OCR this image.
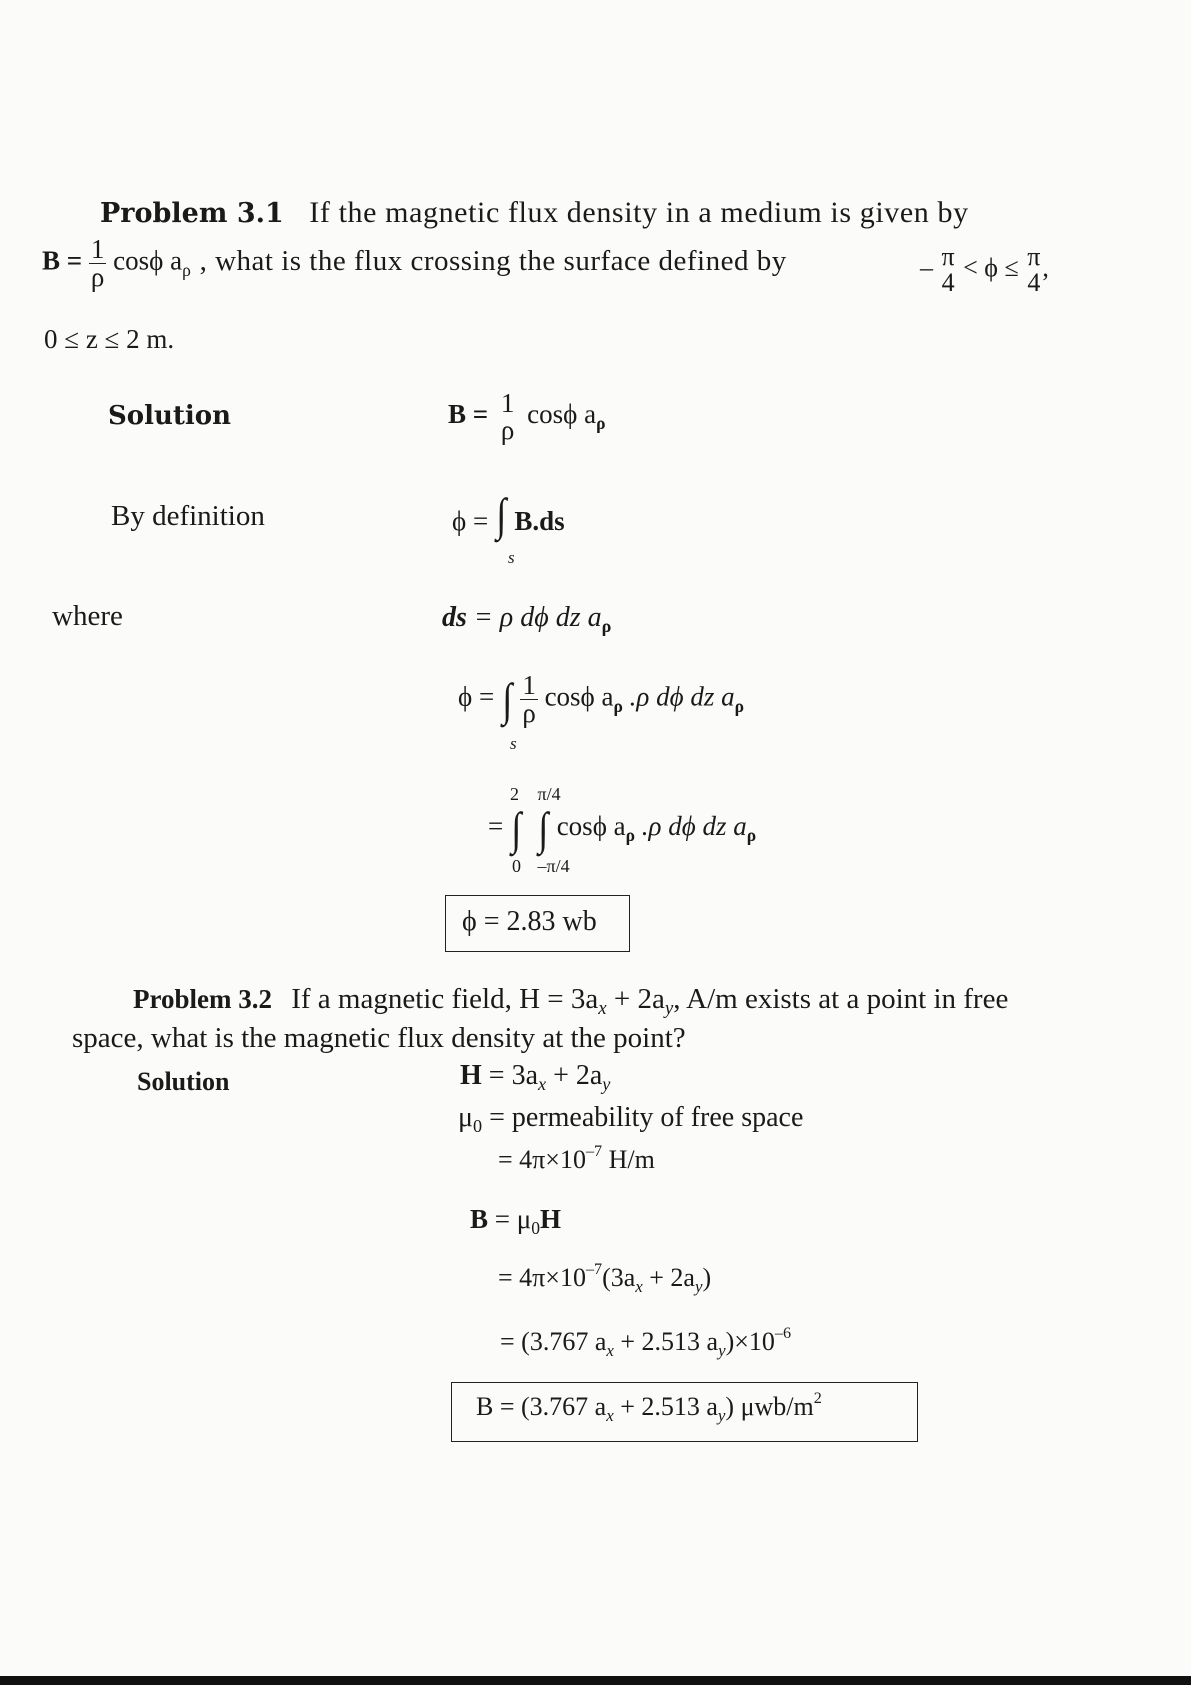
Problem 3.1 If the magnetic flux density in a medium is given by
$B = \frac{1}{\rho}$ cosϕ $a_\rho$ , what is the flux crossing the surface defined by	– π
4
< ϕ ≤ π
4
,
0 ≤ z ≤ 2 m.
Solution	B = 1
ρ
cosϕ $a_\rho$
By definition	ϕ = ∫ B.ds
s
where	ds = ρ dϕ dz $a_\rho$
ϕ = ∫ $\frac{1}{\rho}$ cosϕ $a_\rho$ .ρ dϕ dz $a_\rho$
s
2 π/4
= ∫ ∫ cosϕ $a_\rho$ .ρ dϕ dz $a_\rho$
0 –π/4
ϕ = 2.83 wb
Problem 3.2 If a magnetic field, $H = 3a_x + 2a_y$, A/m exists at a point in free
space, what is the magnetic flux density at the point?
Solution	$H = 3a_x + 2a_y$
$\mu_0$ = permeability of free space
= $4\pi\times 10^{-7}$ H/m
$B = \mu_0H$
= $4\pi\times 10^{-7}(3a_x + 2a_y)$
= (3.767 $a_x + 2.513$ $a_y)\times 10^{-6}$
B = (3.767 $a_x + 2.513$ $a_y$) μwb/$m^2$
